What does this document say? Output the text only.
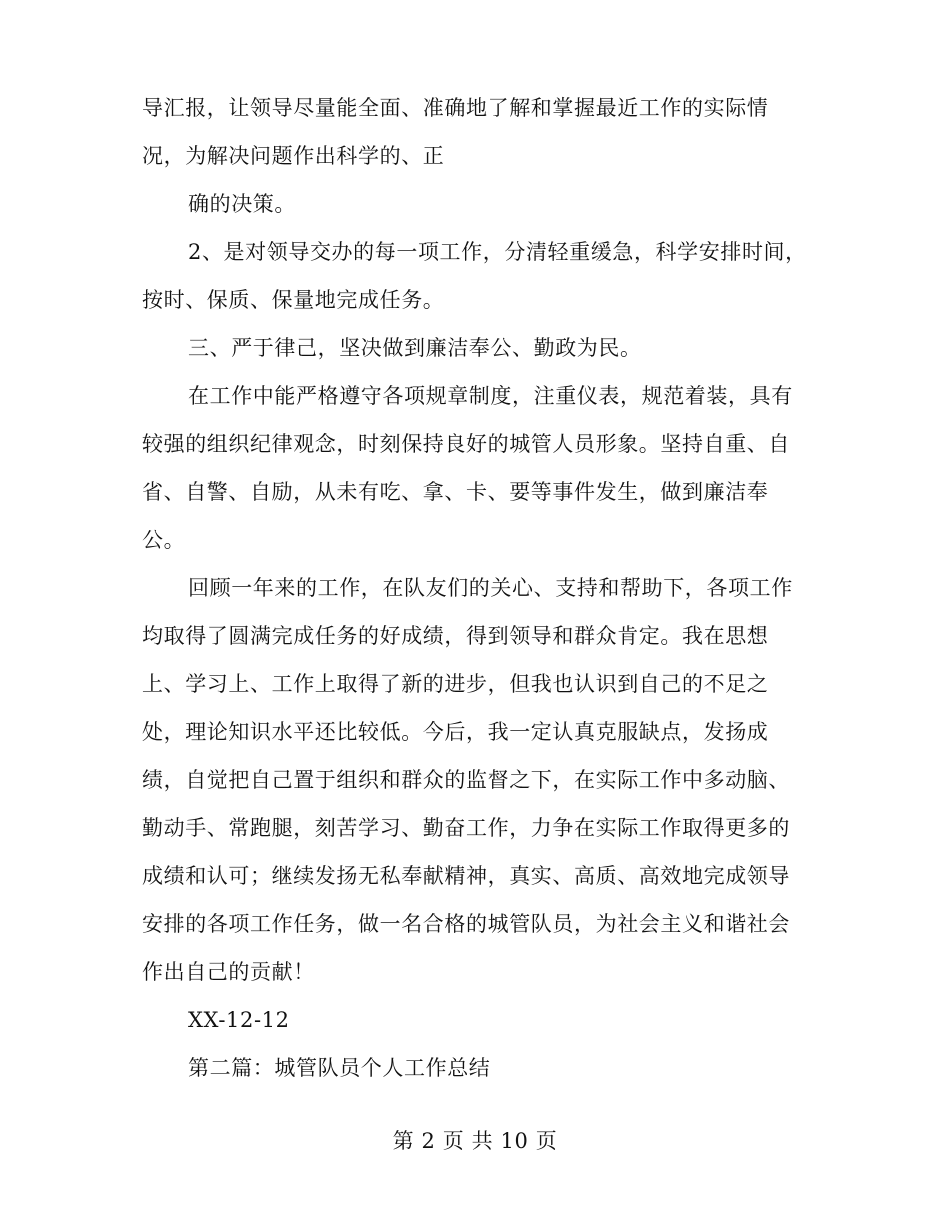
导汇报，让领导尽量能全面、准确地了解和掌握最近工作的实际情
况，为解决问题作出科学的、正
确的决策。
2、是对领导交办的每一项工作，分清轻重缓急，科学安排时间，
按时、保质、保量地完成任务。
三、严于律己，坚决做到廉洁奉公、勤政为民。
在工作中能严格遵守各项规章制度，注重仪表，规范着装，具有
较强的组织纪律观念，时刻保持良好的城管人员形象。坚持自重、自
省、自警、自励，从未有吃、拿、卡、要等事件发生，做到廉洁奉
公。
回顾一年来的工作，在队友们的关心、支持和帮助下，各项工作
均取得了圆满完成任务的好成绩，得到领导和群众肯定。我在思想
上、学习上、工作上取得了新的进步，但我也认识到自己的不足之
处，理论知识水平还比较低。今后，我一定认真克服缺点，发扬成
绩，自觉把自己置于组织和群众的监督之下，在实际工作中多动脑、
勤动手、常跑腿，刻苦学习、勤奋工作，力争在实际工作取得更多的
成绩和认可；继续发扬无私奉献精神，真实、高质、高效地完成领导
安排的各项工作任务，做一名合格的城管队员，为社会主义和谐社会
作出自己的贡献！
XX-12-12
第二篇：城管队员个人工作总结
第 2 页 共 10 页
